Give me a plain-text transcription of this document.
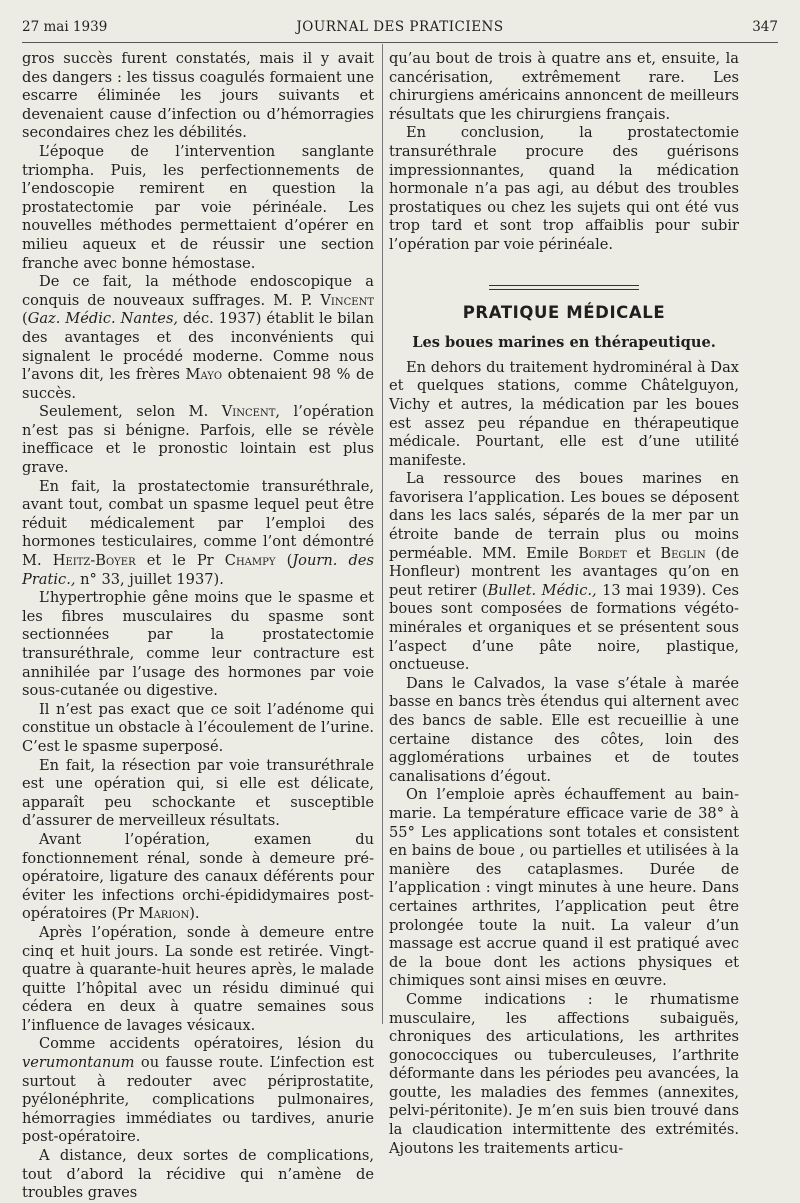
27 mai 1939	JOURNAL DES PRATICIENS	347

gros succès furent constatés, mais il y avait des dangers : les tissus coagulés formaient une escarre éliminée les jours suivants et devenaient cause d’infection ou d’hémorragies secondaires chez les débilités.

L’époque de l’intervention sanglante triompha. Puis, les perfectionnements de l’endoscopie remirent en question la prostatectomie par voie périnéale. Les nouvelles méthodes permettaient d’opérer en milieu aqueux et de réussir une section franche avec bonne hémostase.

De ce fait, la méthode endoscopique a conquis de nouveaux suffrages. M. P. Vincent (Gaz. Médic. Nantes, déc. 1937) établit le bilan des avantages et des inconvénients qui signalent le procédé moderne. Comme nous l’avons dit, les frères Mayo obtenaient 98 % de succès.

Seulement, selon M. Vincent, l’opération n’est pas si bénigne. Parfois, elle se révèle inefficace et le pronostic lointain est plus grave.

En fait, la prostatectomie transuréthrale, avant tout, combat un spasme lequel peut être réduit médicalement par l’emploi des hormones testiculaires, comme l’ont démontré M. Heitz-Boyer et le Pr Champy (Journ. des Pratic., n° 33, juillet 1937).

L’hypertrophie gêne moins que le spasme et les fibres musculaires du spasme sont sectionnées par la prostatectomie transuréthrale, comme leur contracture est annihilée par l’usage des hormones par voie sous-cutanée ou digestive.

Il n’est pas exact que ce soit l’adénome qui constitue un obstacle à l’écoulement de l’urine. C’est le spasme superposé.

En fait, la résection par voie transuréthrale est une opération qui, si elle est délicate, apparaît peu schockante et susceptible d’assurer de merveilleux résultats.

Avant l’opération, examen du fonctionnement rénal, sonde à demeure pré-opératoire, ligature des canaux déférents pour éviter les infections orchi-épididymaires post-opératoires (Pr Marion).

Après l’opération, sonde à demeure entre cinq et huit jours. La sonde est retirée. Vingt-quatre à quarante-huit heures après, le malade quitte l’hôpital avec un résidu diminué qui cédera en deux à quatre semaines sous l’influence de lavages vésicaux.

Comme accidents opératoires, lésion du verumontanum ou fausse route. L’infection est surtout à redouter avec périprostatite, pyélonéphrite, complications pulmonaires, hémorragies immédiates ou tardives, anurie post-opératoire.

A distance, deux sortes de complications, tout d’abord la récidive qui n’amène de troubles graves

qu’au bout de trois à quatre ans et, ensuite, la cancérisation, extrêmement rare. Les chirurgiens américains annoncent de meilleurs résultats que les chirurgiens français.

En conclusion, la prostatectomie transuréthrale procure des guérisons impressionnantes, quand la médication hormonale n’a pas agi, au début des troubles prostatiques ou chez les sujets qui ont été vus trop tard et sont trop affaiblis pour subir l’opération par voie périnéale.

PRATIQUE MÉDICALE
Les boues marines en thérapeutique.

En dehors du traitement hydrominéral à Dax et quelques stations, comme Châtelguyon, Vichy et autres, la médication par les boues est assez peu répandue en thérapeutique médicale. Pourtant, elle est d’une utilité manifeste.

La ressource des boues marines en favorisera l’application. Les boues se déposent dans les lacs salés, séparés de la mer par un étroite bande de terrain plus ou moins perméable. MM. Emile Bordet et Beglin (de Honfleur) montrent les avantages qu’on en peut retirer (Bullet. Médic., 13 mai 1939). Ces boues sont composées de formations végéto-minérales et organiques et se présentent sous l’aspect d’une pâte noire, plastique, onctueuse.

Dans le Calvados, la vase s’étale à marée basse en bancs très étendus qui alternent avec des bancs de sable. Elle est recueillie à une certaine distance des côtes, loin des agglomérations urbaines et de toutes canalisations d’égout.

On l’emploie après échauffement au bain-marie. La température efficace varie de 38° à 55° Les applications sont totales et consistent en bains de boue , ou partielles et utilisées à la manière des cataplasmes. Durée de l’application : vingt minutes à une heure. Dans certaines arthrites, l’application peut être prolongée toute la nuit. La valeur d’un massage est accrue quand il est pratiqué avec de la boue dont les actions physiques et chimiques sont ainsi mises en œuvre.

Comme indications : le rhumatisme musculaire, les affections subaiguës, chroniques des articulations, les arthrites gonococciques ou tuberculeuses, l’arthrite déformante dans les périodes peu avancées, la goutte, les maladies des femmes (annexites, pelvi-péritonite). Je m’en suis bien trouvé dans la claudication intermittente des extrémités. Ajoutons les traitements articu-
